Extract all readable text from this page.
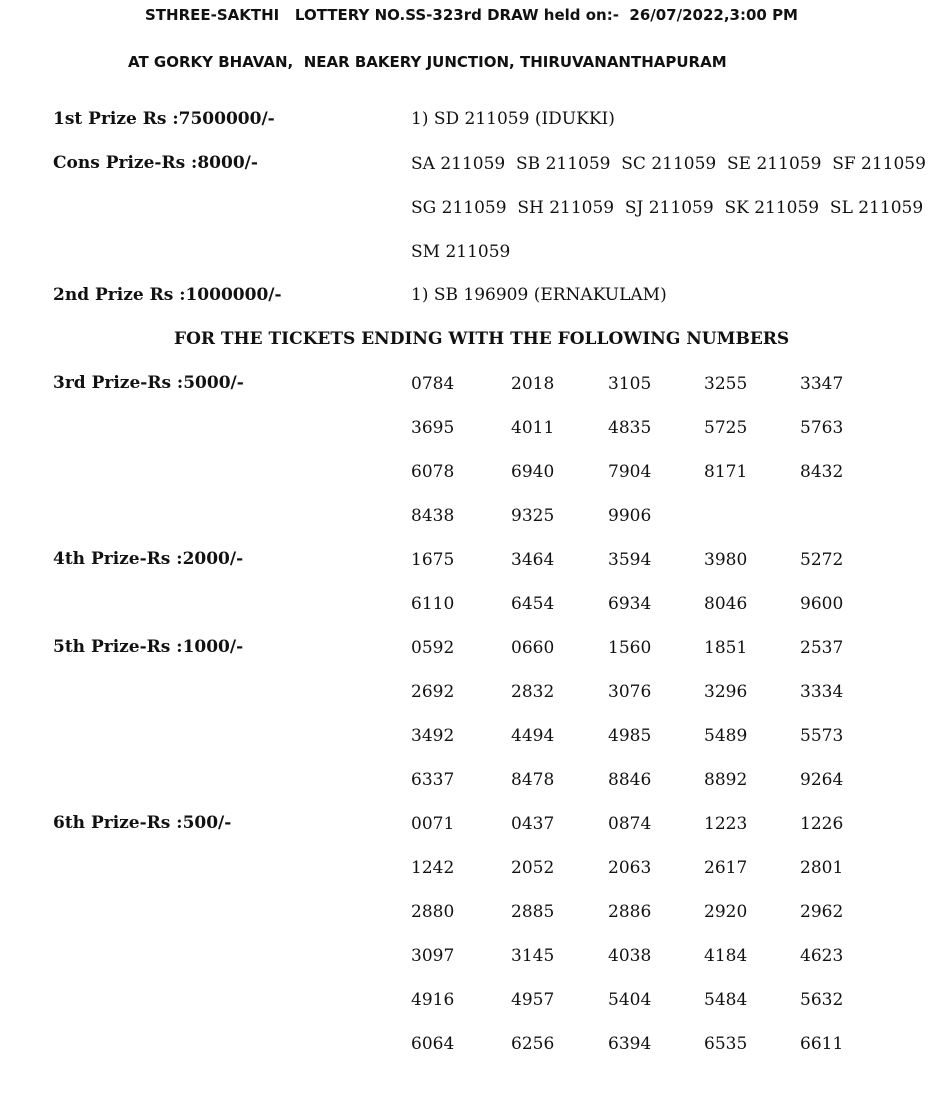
STHREE-SAKTHI   LOTTERY NO.SS-323rd DRAW held on:-  26/07/2022,3:00 PM
AT GORKY BHAVAN,  NEAR BAKERY JUNCTION, THIRUVANANTHAPURAM
1st Prize Rs :7500000/-	1) SD 211059 (IDUKKI)
Cons Prize-Rs :8000/-	SA 211059  SB 211059  SC 211059  SE 211059  SF 211059
SG 211059  SH 211059  SJ 211059  SK 211059  SL 211059
SM 211059
2nd Prize Rs :1000000/-	1) SB 196909 (ERNAKULAM)
FOR THE TICKETS ENDING WITH THE FOLLOWING NUMBERS
3rd Prize-Rs :5000/-	0784	2018	3105	3255	3347
3695	4011	4835	5725	5763
6078	6940	7904	8171	8432
8438	9325	9906
4th Prize-Rs :2000/-	1675	3464	3594	3980	5272
6110	6454	6934	8046	9600
5th Prize-Rs :1000/-	0592	0660	1560	1851	2537
2692	2832	3076	3296	3334
3492	4494	4985	5489	5573
6337	8478	8846	8892	9264
6th Prize-Rs :500/-	0071	0437	0874	1223	1226
1242	2052	2063	2617	2801
2880	2885	2886	2920	2962
3097	3145	4038	4184	4623
4916	4957	5404	5484	5632
6064	6256	6394	6535	6611
